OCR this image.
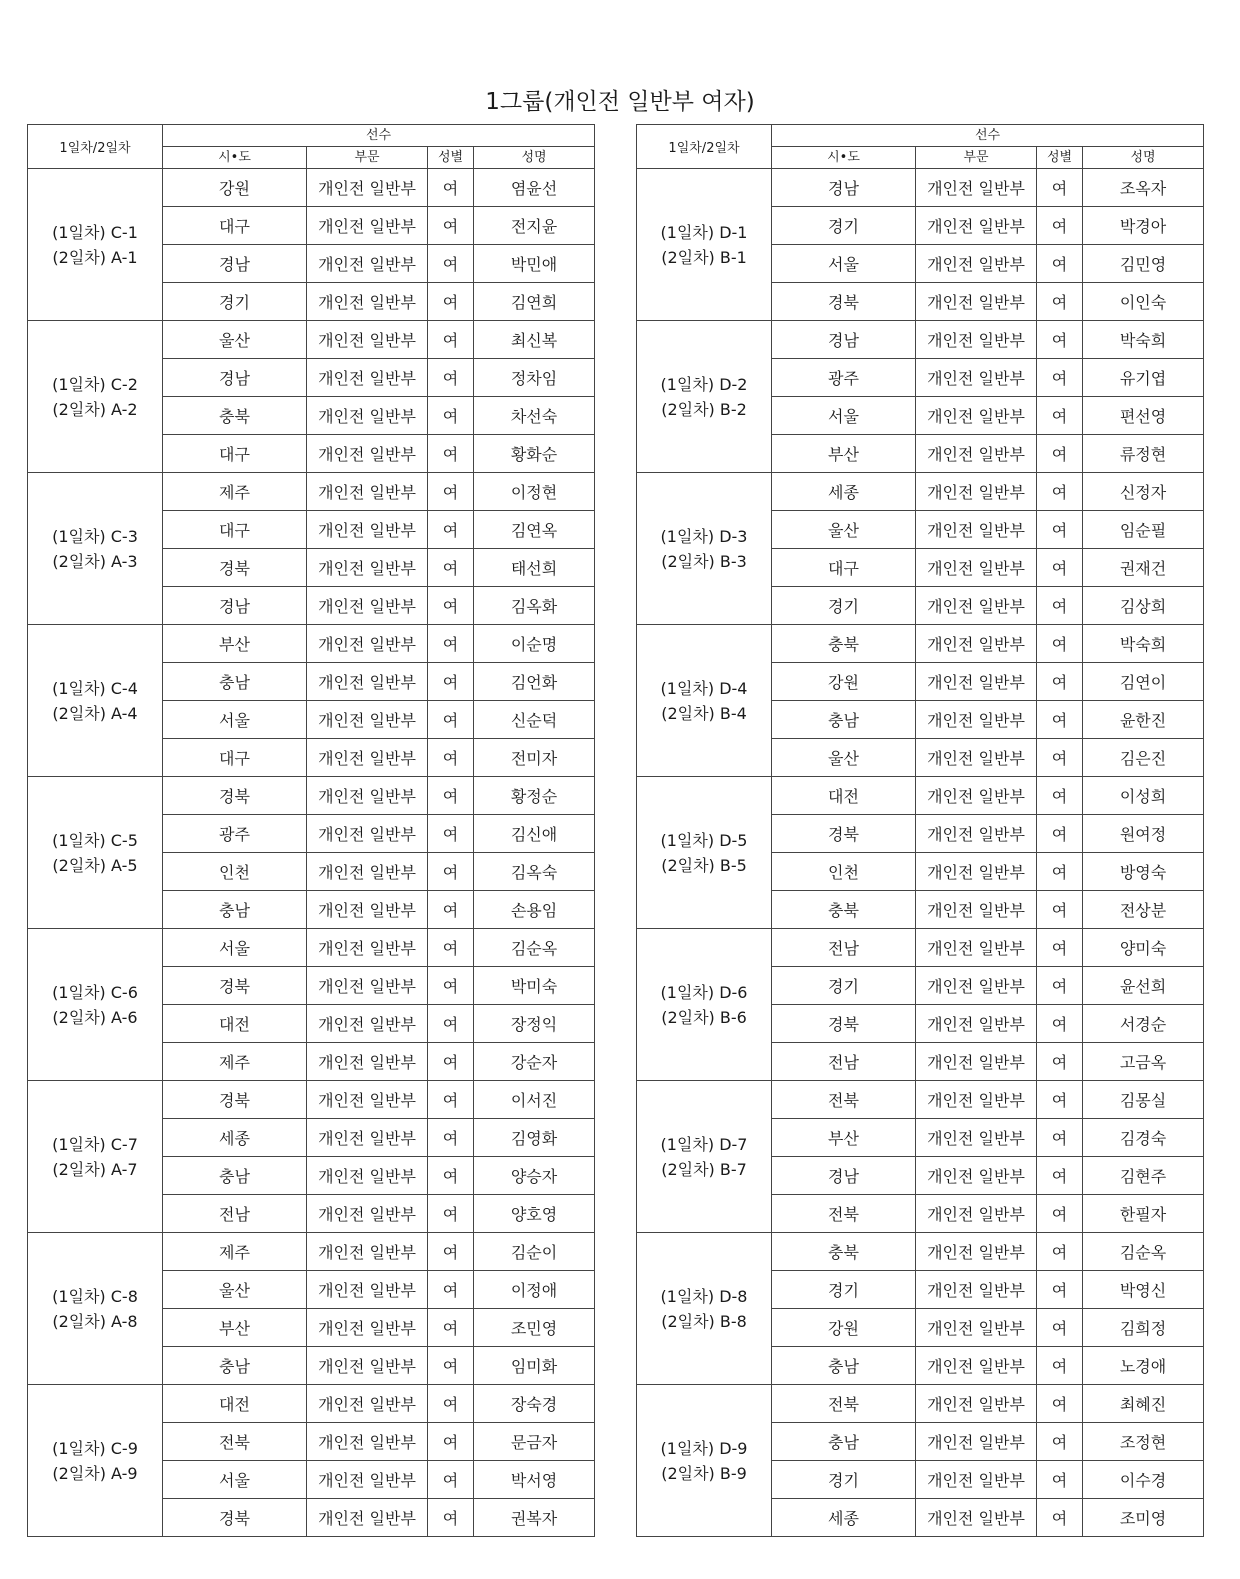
1그룹(개인전 일반부 여자)
1일차/2일차	선수			
	시•도	부문	성별	성명

(1일차) C-1
(2일차) A-1	강원	개인전 일반부	여	염윤선
	대구	개인전 일반부	여	전지윤
	경남	개인전 일반부	여	박민애
	경기	개인전 일반부	여	김연희

(1일차) C-2
(2일차) A-2	울산	개인전 일반부	여	최신복
	경남	개인전 일반부	여	정차임
	충북	개인전 일반부	여	차선숙
	대구	개인전 일반부	여	황화순

(1일차) C-3
(2일차) A-3	제주	개인전 일반부	여	이정현
	대구	개인전 일반부	여	김연옥
	경북	개인전 일반부	여	태선희
	경남	개인전 일반부	여	김옥화

(1일차) C-4
(2일차) A-4	부산	개인전 일반부	여	이순명
	충남	개인전 일반부	여	김언화
	서울	개인전 일반부	여	신순덕
	대구	개인전 일반부	여	전미자

(1일차) C-5
(2일차) A-5	경북	개인전 일반부	여	황정순
	광주	개인전 일반부	여	김신애
	인천	개인전 일반부	여	김옥숙
	충남	개인전 일반부	여	손용임

(1일차) C-6
(2일차) A-6	서울	개인전 일반부	여	김순옥
	경북	개인전 일반부	여	박미숙
	대전	개인전 일반부	여	장정익
	제주	개인전 일반부	여	강순자

(1일차) C-7
(2일차) A-7	경북	개인전 일반부	여	이서진
	세종	개인전 일반부	여	김영화
	충남	개인전 일반부	여	양승자
	전남	개인전 일반부	여	양호영

(1일차) C-8
(2일차) A-8	제주	개인전 일반부	여	김순이
	울산	개인전 일반부	여	이정애
	부산	개인전 일반부	여	조민영
	충남	개인전 일반부	여	임미화

(1일차) C-9
(2일차) A-9	대전	개인전 일반부	여	장숙경
	전북	개인전 일반부	여	문금자
	서울	개인전 일반부	여	박서영
	경북	개인전 일반부	여	권복자
1일차/2일차	선수			
	시•도	부문	성별	성명

(1일차) D-1
(2일차) B-1	경남	개인전 일반부	여	조옥자
	경기	개인전 일반부	여	박경아
	서울	개인전 일반부	여	김민영
	경북	개인전 일반부	여	이인숙

(1일차) D-2
(2일차) B-2	경남	개인전 일반부	여	박숙희
	광주	개인전 일반부	여	유기엽
	서울	개인전 일반부	여	편선영
	부산	개인전 일반부	여	류정현

(1일차) D-3
(2일차) B-3	세종	개인전 일반부	여	신정자
	울산	개인전 일반부	여	임순필
	대구	개인전 일반부	여	권재건
	경기	개인전 일반부	여	김상희

(1일차) D-4
(2일차) B-4	충북	개인전 일반부	여	박숙희
	강원	개인전 일반부	여	김연이
	충남	개인전 일반부	여	윤한진
	울산	개인전 일반부	여	김은진

(1일차) D-5
(2일차) B-5	대전	개인전 일반부	여	이성희
	경북	개인전 일반부	여	원여정
	인천	개인전 일반부	여	방영숙
	충북	개인전 일반부	여	전상분

(1일차) D-6
(2일차) B-6	전남	개인전 일반부	여	양미숙
	경기	개인전 일반부	여	윤선희
	경북	개인전 일반부	여	서경순
	전남	개인전 일반부	여	고금옥

(1일차) D-7
(2일차) B-7	전북	개인전 일반부	여	김몽실
	부산	개인전 일반부	여	김경숙
	경남	개인전 일반부	여	김현주
	전북	개인전 일반부	여	한필자

(1일차) D-8
(2일차) B-8	충북	개인전 일반부	여	김순옥
	경기	개인전 일반부	여	박영신
	강원	개인전 일반부	여	김희정
	충남	개인전 일반부	여	노경애

(1일차) D-9
(2일차) B-9	전북	개인전 일반부	여	최혜진
	충남	개인전 일반부	여	조정현
	경기	개인전 일반부	여	이수경
	세종	개인전 일반부	여	조미영
